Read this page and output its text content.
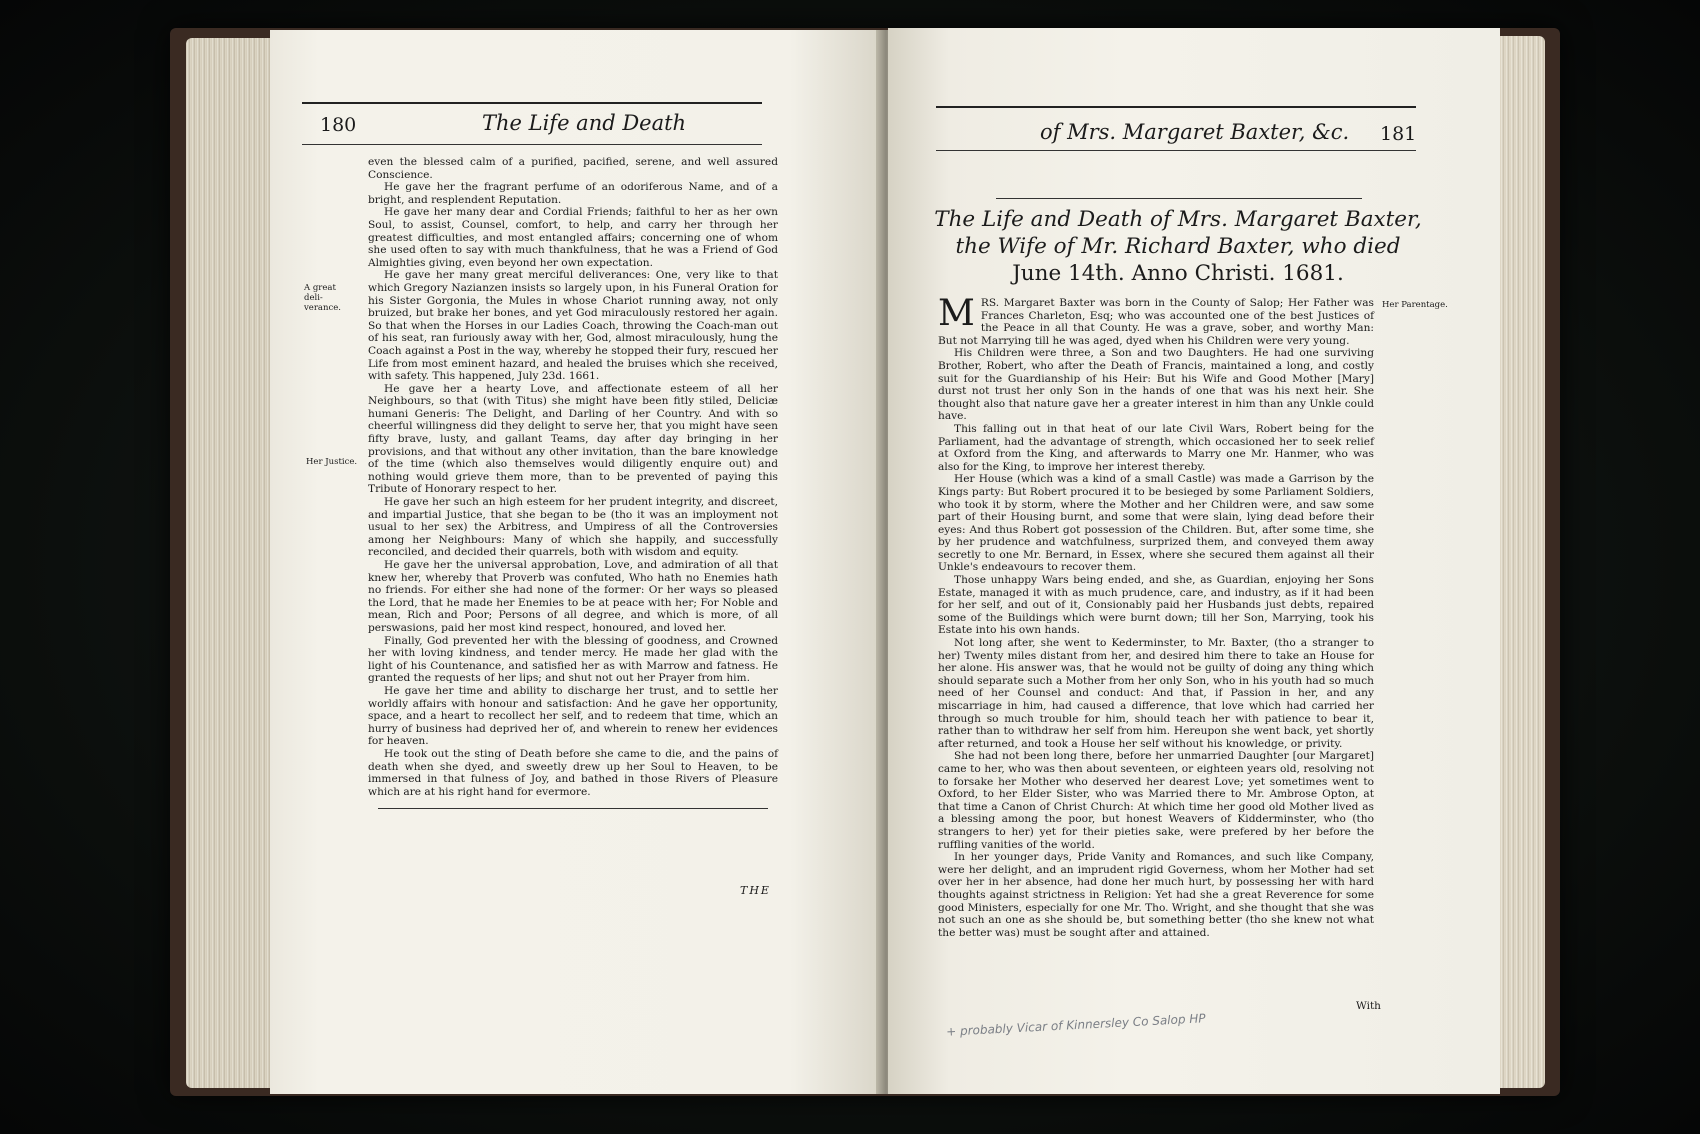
180	The Life and Death
A great deli-verance.
Her Justice.

even the blessed calm of a purified, pacified, serene, and well assured Conscience.

He gave her the fragrant perfume of an odoriferous Name, and of a bright, and resplendent Reputation.

He gave her many dear and Cordial Friends; faithful to her as her own Soul, to assist, Counsel, comfort, to help, and carry her through her greatest difficulties, and most entangled affairs; concerning one of whom she used often to say with much thankfulness, that he was a Friend of God Almighties giving, even beyond her own expectation.

He gave her many great merciful deliverances: One, very like to that which Gregory Nazianzen insists so largely upon, in his Funeral Oration for his Sister Gorgonia, the Mules in whose Chariot running away, not only bruized, but brake her bones, and yet God miraculously restored her again. So that when the Horses in our Ladies Coach, throwing the Coach-man out of his seat, ran furiously away with her, God, almost miraculously, hung the Coach against a Post in the way, whereby he stopped their fury, rescued her Life from most eminent hazard, and healed the bruises which she received, with safety. This happened, July 23d. 1661.

He gave her a hearty Love, and affectionate esteem of all her Neighbours, so that (with Titus) she might have been fitly stiled, Deliciæ humani Generis: The Delight, and Darling of her Country. And with so cheerful willingness did they delight to serve her, that you might have seen fifty brave, lusty, and gallant Teams, day after day bringing in her provisions, and that without any other invitation, than the bare knowledge of the time (which also themselves would diligently enquire out) and nothing would grieve them more, than to be prevented of paying this Tribute of Honorary respect to her.

He gave her such an high esteem for her prudent integrity, and discreet, and impartial Justice, that she began to be (tho it was an imployment not usual to her sex) the Arbitress, and Umpiress of all the Controversies among her Neighbours: Many of which she happily, and successfully reconciled, and decided their quarrels, both with wisdom and equity.

He gave her the universal approbation, Love, and admiration of all that knew her, whereby that Proverb was confuted, Who hath no Enemies hath no friends. For either she had none of the former: Or her ways so pleased the Lord, that he made her Enemies to be at peace with her; For Noble and mean, Rich and Poor; Persons of all degree, and which is more, of all perswasions, paid her most kind respect, honoured, and loved her.

Finally, God prevented her with the blessing of goodness, and Crowned her with loving kindness, and tender mercy. He made her glad with the light of his Countenance, and satisfied her as with Marrow and fatness. He granted the requests of her lips; and shut not out her Prayer from him.

He gave her time and ability to discharge her trust, and to settle her worldly affairs with honour and satisfaction: And he gave her opportunity, space, and a heart to recollect her self, and to redeem that time, which an hurry of business had deprived her of, and wherein to renew her evidences for heaven.

He took out the sting of Death before she came to die, and the pains of death when she dyed, and sweetly drew up her Soul to Heaven, to be immersed in that fulness of Joy, and bathed in those Rivers of Pleasure which are at his right hand for evermore.

THE
of Mrs. Margaret Baxter, &c. 181
The Life and Death of Mrs. Margaret Baxter,
the Wife of Mr. Richard Baxter, who died
June 14th. Anno Christi. 1681.
Her Parentage.

MRS. Margaret Baxter was born in the County of Salop; Her Father was Frances Charleton, Esq; who was accounted one of the best Justices of the Peace in all that County. He was a grave, sober, and worthy Man: But not Marrying till he was aged, dyed when his Children were very young.

His Children were three, a Son and two Daughters. He had one surviving Brother, Robert, who after the Death of Francis, maintained a long, and costly suit for the Guardianship of his Heir: But his Wife and Good Mother [Mary] durst not trust her only Son in the hands of one that was his next heir. She thought also that nature gave her a greater interest in him than any Unkle could have.

This falling out in that heat of our late Civil Wars, Robert being for the Parliament, had the advantage of strength, which occasioned her to seek relief at Oxford from the King, and afterwards to Marry one Mr. Hanmer, who was also for the King, to improve her interest thereby.

Her House (which was a kind of a small Castle) was made a Garrison by the Kings party: But Robert procured it to be besieged by some Parliament Soldiers, who took it by storm, where the Mother and her Children were, and saw some part of their Housing burnt, and some that were slain, lying dead before their eyes: And thus Robert got possession of the Children. But, after some time, she by her prudence and watchfulness, surprized them, and conveyed them away secretly to one Mr. Bernard, in Essex, where she secured them against all their Unkle's endeavours to recover them.

Those unhappy Wars being ended, and she, as Guardian, enjoying her Sons Estate, managed it with as much prudence, care, and industry, as if it had been for her self, and out of it, Consionably paid her Husbands just debts, repaired some of the Buildings which were burnt down; till her Son, Marrying, took his Estate into his own hands.

Not long after, she went to Kederminster, to Mr. Baxter, (tho a stranger to her) Twenty miles distant from her, and desired him there to take an House for her alone. His answer was, that he would not be guilty of doing any thing which should separate such a Mother from her only Son, who in his youth had so much need of her Counsel and conduct: And that, if Passion in her, and any miscarriage in him, had caused a difference, that love which had carried her through so much trouble for him, should teach her with patience to bear it, rather than to withdraw her self from him. Hereupon she went back, yet shortly after returned, and took a House her self without his knowledge, or privity.

She had not been long there, before her unmarried Daughter [our Margaret] came to her, who was then about seventeen, or eighteen years old, resolving not to forsake her Mother who deserved her dearest Love; yet sometimes went to Oxford, to her Elder Sister, who was Married there to Mr. Ambrose Opton, at that time a Canon of Christ Church: At which time her good old Mother lived as a blessing among the poor, but honest Weavers of Kidderminster, who (tho strangers to her) yet for their pieties sake, were prefered by her before the ruffling vanities of the world.

In her younger days, Pride Vanity and Romances, and such like Company, were her delight, and an imprudent rigid Governess, whom her Mother had set over her in her absence, had done her much hurt, by possessing her with hard thoughts against strictness in Religion: Yet had she a great Reverence for some good Ministers, especially for one Mr. Tho. Wright, and she thought that she was not such an one as she should be, but something better (tho she knew not what the better was) must be sought after and attained.

With
+ probably Vicar of Kinnersley Co Salop HP
